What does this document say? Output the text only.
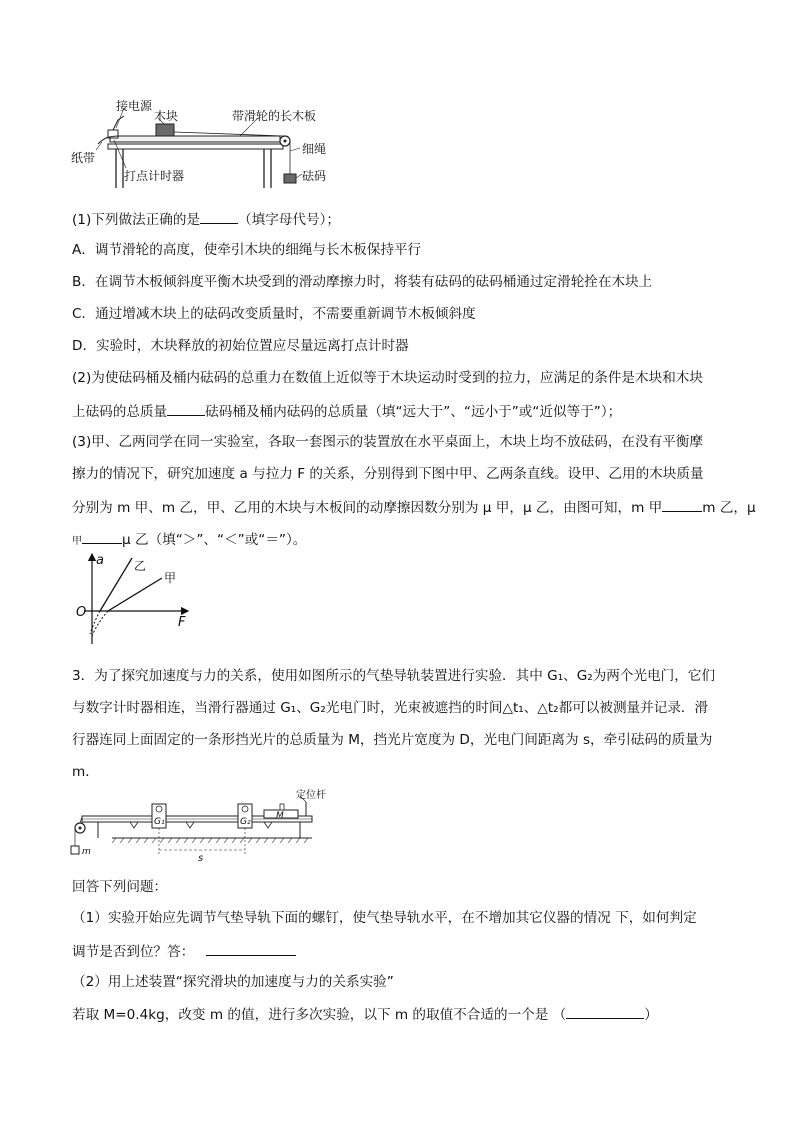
接电源
木块	带滑轮的长木板
纸带
细绳
打点计时器	砝码
(1)下列做法正确的是	（填字母代号）；
A．调节滑轮的高度，使牵引木块的细绳与长木板保持平行
B．在调节木板倾斜度平衡木块受到的滑动摩擦力时，将装有砝码的砝码桶通过定滑轮拴在木块上
C．通过增减木块上的砝码改变质量时，不需要重新调节木板倾斜度
D．实验时，木块释放的初始位置应尽量远离打点计时器
(2)为使砝码桶及桶内砝码的总重力在数值上近似等于木块运动时受到的拉力，应满足的条件是木块和木块
上砝码的总质量	砝码桶及桶内砝码的总质量（填“远大于”、“远小于”或“近似等于”）；
(3)甲、乙两同学在同一实验室，各取一套图示的装置放在水平桌面上，木块上均不放砝码，在没有平衡摩
擦力的情况下，研究加速度 a 与拉力 F 的关系，分别得到下图中甲、乙两条直线。设甲、乙用的木块质量
分别为 m 甲、m 乙，甲、乙用的木块与木板间的动摩擦因数分别为 μ 甲，μ 乙，由图可知，m 甲	m 乙，μ
甲	μ 乙（填“＞”、“＜”或“＝”）。
a
F
O
乙
甲
3．为了探究加速度与力的关系，使用如图所示的气垫导轨装置进行实验．其中 G₁、G₂为两个光电门，它们
与数字计时器相连，当滑行器通过 G₁、G₂光电门时，光束被遮挡的时间△t₁、△t₂都可以被测量并记录．滑
行器连同上面固定的一条形挡光片的总质量为 M，挡光片宽度为 D，光电门间距离为 s，牵引砝码的质量为
m．
定位杆
G₁	G₂
M
m
s
回答下列问题：
（1）实验开始应先调节气垫导轨下面的螺钉，使气垫导轨水平，在不增加其它仪器的情况 下，如何判定
调节是否到位？答：
（2）用上述装置“探究滑块的加速度与力的关系实验”
若取 M=0.4kg，改变 m 的值，进行多次实验，以下 m 的取值不合适的一个是 （	）
